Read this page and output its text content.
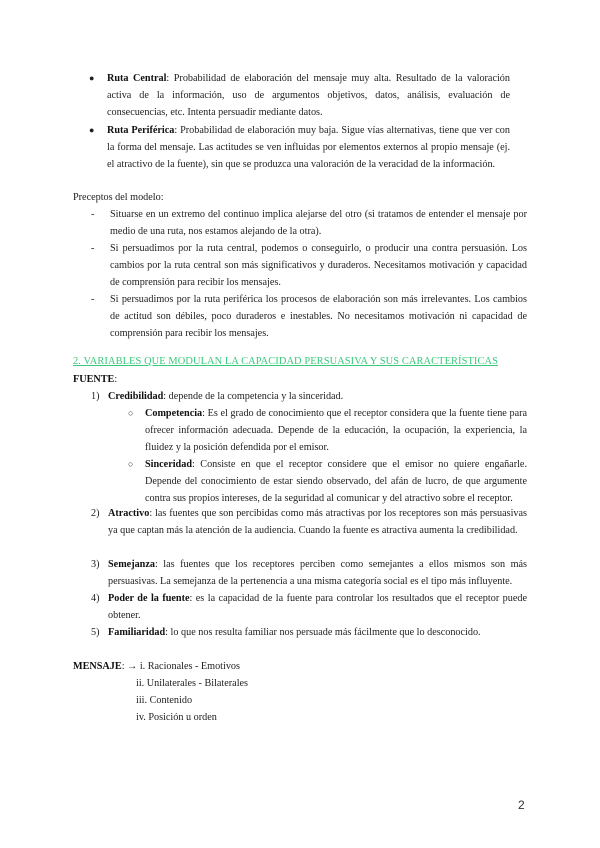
● Ruta Central: Probabilidad de elaboración del mensaje muy alta. Resultado de la valoración activa de la información, uso de argumentos objetivos, datos, análisis, evaluación de consecuencias, etc. Intenta persuadir mediante datos.
● Ruta Periférica: Probabilidad de elaboración muy baja. Sigue vías alternativas, tiene que ver con la forma del mensaje. Las actitudes se ven influidas por elementos externos al propio mensaje (ej. el atractivo de la fuente), sin que se produzca una valoración de la veracidad de la información.
Preceptos del modelo:
- Situarse en un extremo del continuo implica alejarse del otro (si tratamos de entender el mensaje por medio de una ruta, nos estamos alejando de la otra).
- Si persuadimos por la ruta central, podemos o conseguirlo, o producir una contra persuasión. Los cambios por la ruta central son más significativos y duraderos. Necesitamos motivación y capacidad de comprensión para recibir los mensajes.
- Si persuadimos por la ruta periférica los procesos de elaboración son más irrelevantes. Los cambios de actitud son débiles, poco duraderos e inestables. No necesitamos motivación ni capacidad de comprensión para recibir los mensajes.
2. VARIABLES QUE MODULAN LA CAPACIDAD PERSUASIVA Y SUS CARACTERÍSTICAS
FUENTE:
1) Credibilidad: depende de la competencia y la sinceridad.
○ Competencia: Es el grado de conocimiento que el receptor considera que la fuente tiene para ofrecer información adecuada. Depende de la educación, la ocupación, la experiencia, la fluidez y la posición defendida por el emisor.
○ Sinceridad: Consiste en que el receptor considere que el emisor no quiere engañarle. Depende del conocimiento de estar siendo observado, del afán de lucro, de que argumente contra sus propios intereses, de la seguridad al comunicar y del atractivo sobre el receptor.
2) Atractivo: las fuentes que son percibidas como más atractivas por los receptores son más persuasivas ya que captan más la atención de la audiencia. Cuando la fuente es atractiva aumenta la credibilidad.
3) Semejanza: las fuentes que los receptores perciben como semejantes a ellos mismos son más persuasivas. La semejanza de la pertenencia a una misma categoría social es el tipo más influyente.
4) Poder de la fuente: es la capacidad de la fuente para controlar los resultados que el receptor puede obtener.
5) Familiaridad: lo que nos resulta familiar nos persuade más fácilmente que lo desconocido.
MENSAJE: → i. Racionales - Emotivos
ii. Unilaterales - Bilaterales
iii. Contenido
iv. Posición u orden
2
